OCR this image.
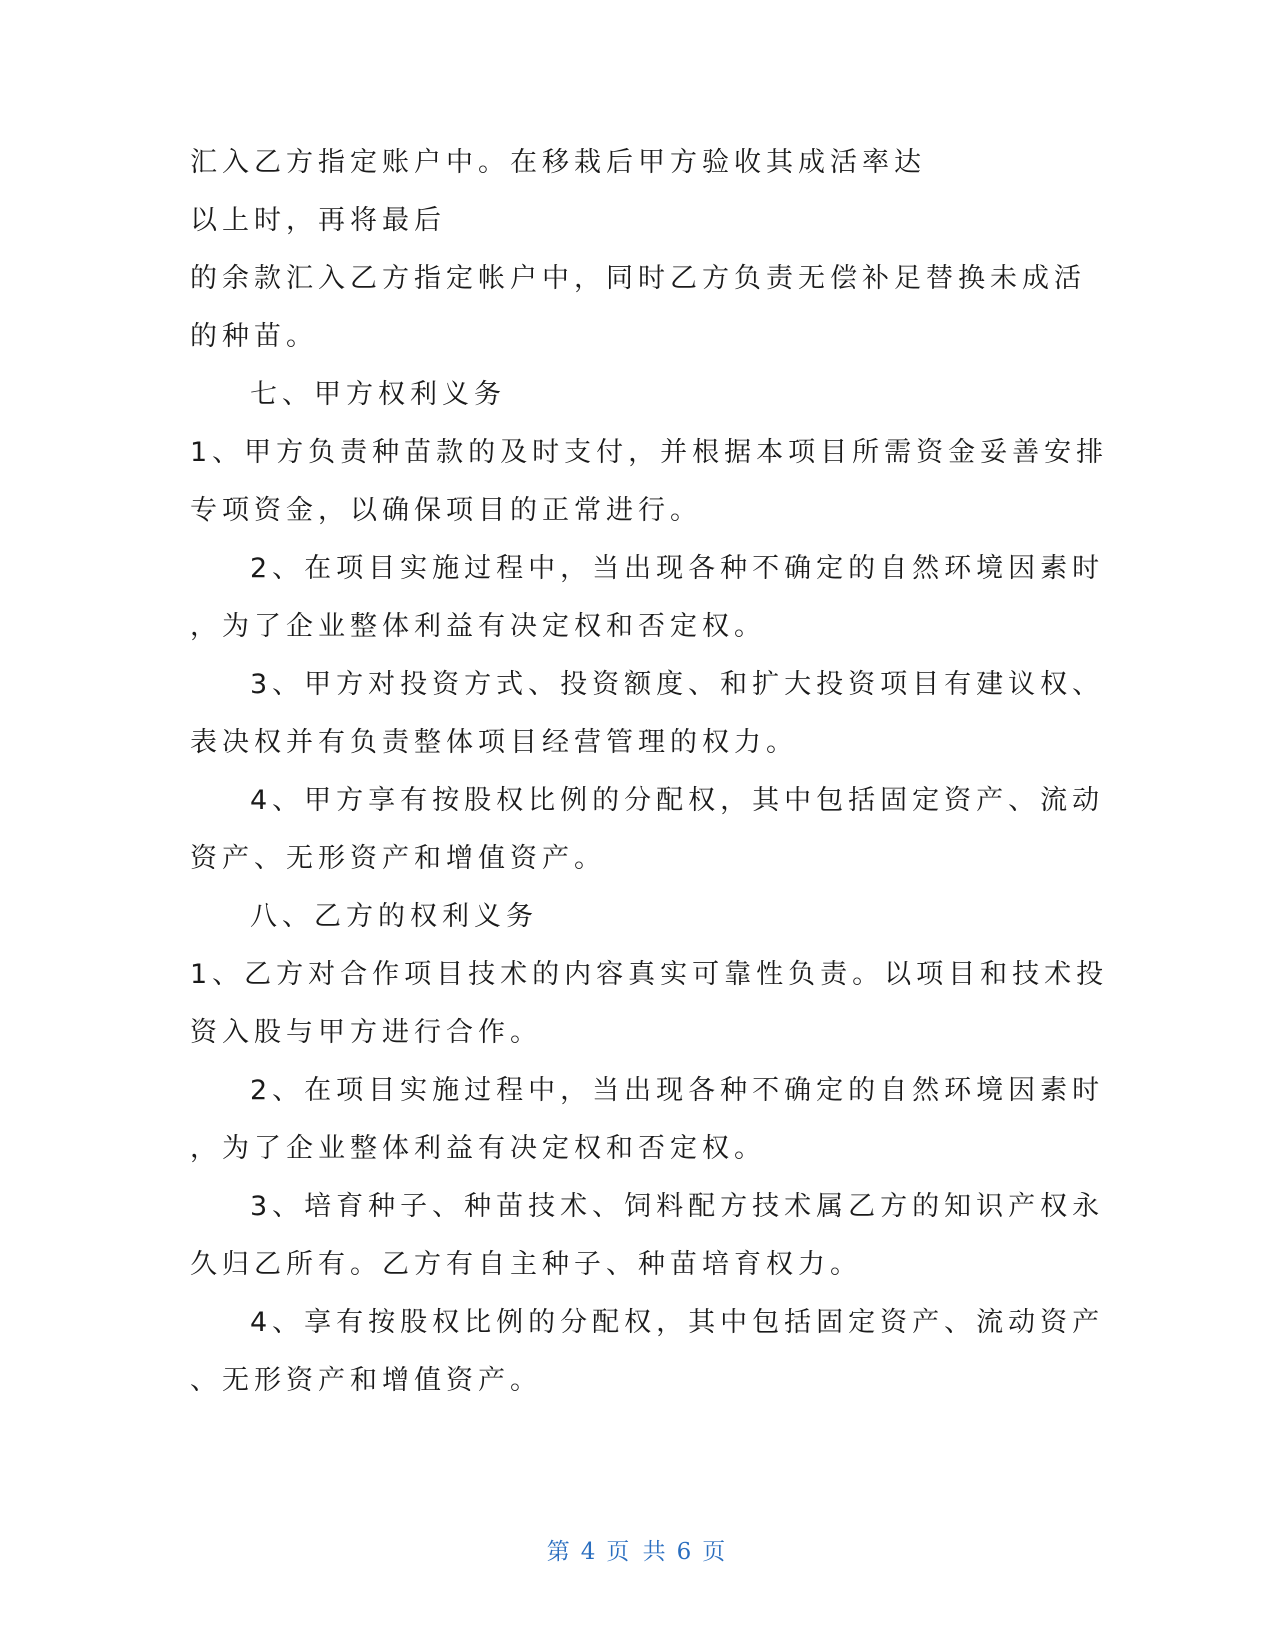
汇入乙方指定账户中。在移栽后甲方验收其成活率达
以上时，再将最后
的余款汇入乙方指定帐户中，同时乙方负责无偿补足替换未成活
的种苗。
七、甲方权利义务
1、甲方负责种苗款的及时支付，并根据本项目所需资金妥善安排
专项资金，以确保项目的正常进行。
2、在项目实施过程中，当出现各种不确定的自然环境因素时
，为了企业整体利益有决定权和否定权。
3、甲方对投资方式、投资额度、和扩大投资项目有建议权、
表决权并有负责整体项目经营管理的权力。
4、甲方享有按股权比例的分配权，其中包括固定资产、流动
资产、无形资产和增值资产。
八、乙方的权利义务
1、乙方对合作项目技术的内容真实可靠性负责。以项目和技术投
资入股与甲方进行合作。
2、在项目实施过程中，当出现各种不确定的自然环境因素时
，为了企业整体利益有决定权和否定权。
3、培育种子、种苗技术、饲料配方技术属乙方的知识产权永
久归乙所有。乙方有自主种子、种苗培育权力。
4、享有按股权比例的分配权，其中包括固定资产、流动资产
、无形资产和增值资产。
第 4 页 共 6 页
